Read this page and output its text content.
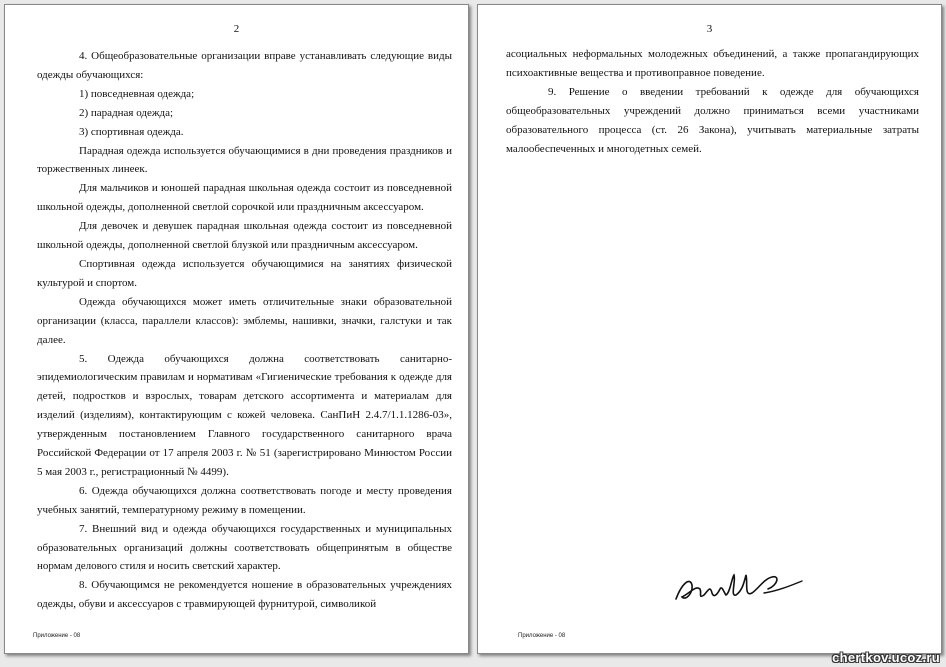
2

4. Общеобразовательные организации вправе устанавливать следующие виды одежды обучающихся:

1) повседневная одежда;

2) парадная одежда;

3) спортивная одежда.

Парадная одежда используется обучающимися в дни проведения праздников и торжественных линеек.

Для мальчиков и юношей парадная школьная одежда состоит из повседневной школьной одежды, дополненной светлой сорочкой или праздничным аксессуаром.

Для девочек и девушек парадная школьная одежда состоит из повседневной школьной одежды, дополненной светлой блузкой или праздничным аксессуаром.

Спортивная одежда используется обучающимися на занятиях физической культурой и спортом.

Одежда обучающихся может иметь отличительные знаки образовательной организации (класса, параллели классов): эмблемы, нашивки, значки, галстуки и так далее.

5. Одежда обучающихся должна соответствовать санитарно-эпидемиологическим правилам и нормативам «Гигиенические требования к одежде для детей, подростков и взрослых, товарам детского ассортимента и материалам для изделий (изделиям), контактирующим с кожей человека. СанПиН 2.4.7/1.1.1286-03», утвержденным постановлением Главного государственного санитарного врача Российской Федерации от 17 апреля 2003 г. № 51 (зарегистрировано Минюстом России 5 мая 2003 г., регистрационный № 4499).

6. Одежда обучающихся должна соответствовать погоде и месту проведения учебных занятий, температурному режиму в помещении.

7. Внешний вид и одежда обучающихся государственных и муниципальных образовательных организаций должны соответствовать общепринятым в обществе нормам делового стиля и носить светский характер.

8. Обучающимся не рекомендуется ношение в образовательных учреждениях одежды, обуви и аксессуаров с травмирующей фурнитурой, символикой

Приложение - 08
3

асоциальных неформальных молодежных объединений, а также пропагандирующих психоактивные вещества и противоправное поведение.

9. Решение о введении требований к одежде для обучающихся общеобразовательных учреждений должно приниматься всеми участниками образовательного процесса (ст. 26 Закона), учитывать материальные затраты малообеспеченных и многодетных семей.

Приложение - 08
chertkov.ucoz.ru
